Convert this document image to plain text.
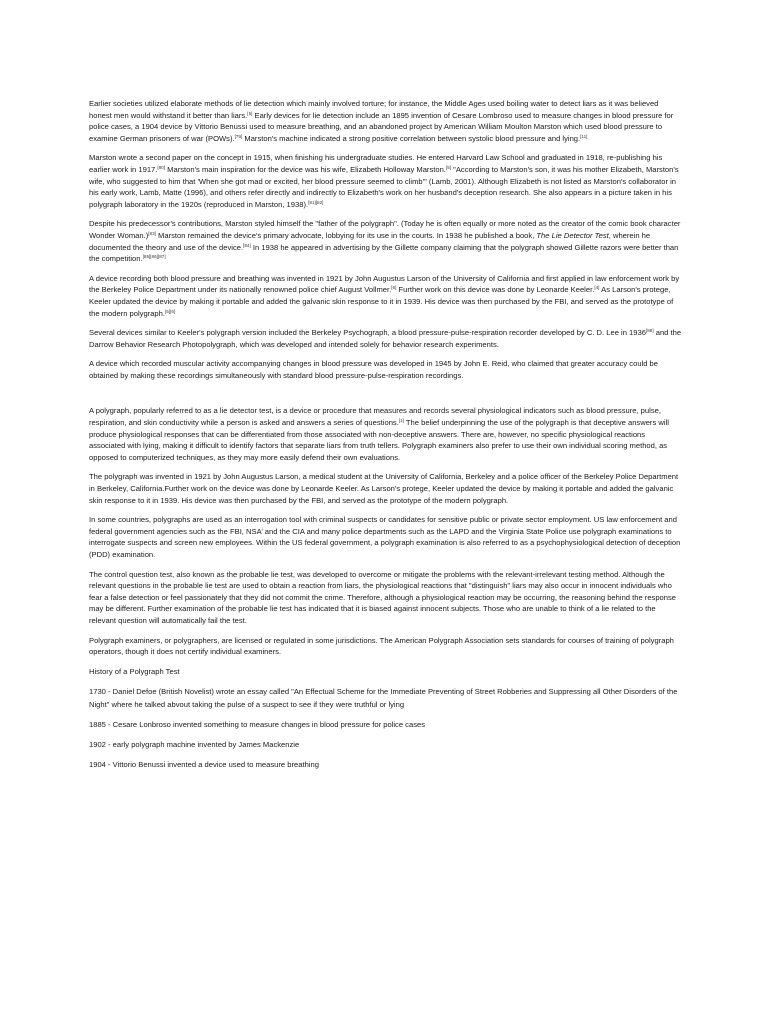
Earlier societies utilized elaborate methods of lie detection which mainly involved torture; for instance, the Middle Ages used boiling water to detect liars as it was believed honest men would withstand it better than liars.[5] Early devices for lie detection include an 1895 invention of Cesare Lombroso used to measure changes in blood pressure for police cases, a 1904 device by Vittorio Benussi used to measure breathing, and an abandoned project by American William Moulton Marston which used blood pressure to examine German prisoners of war (POWs).[79] Marston's machine indicated a strong positive correlation between systolic blood pressure and lying.[11]

Marston wrote a second paper on the concept in 1915, when finishing his undergraduate studies. He entered Harvard Law School and graduated in 1918, re-publishing his earlier work in 1917.[80] Marston's main inspiration for the device was his wife, Elizabeth Holloway Marston.[5] "According to Marston's son, it was his mother Elizabeth, Marston's wife, who suggested to him that 'When she got mad or excited, her blood pressure seemed to climb'" (Lamb, 2001). Although Elizabeth is not listed as Marston's collaborator in his early work, Lamb, Matte (1996), and others refer directly and indirectly to Elizabeth's work on her husband's deception research. She also appears in a picture taken in his polygraph laboratory in the 1920s (reproduced in Marston, 1938).[81][82]

Despite his predecessor's contributions, Marston styled himself the "father of the polygraph". (Today he is often equally or more noted as the creator of the comic book character Wonder Woman.)[83] Marston remained the device's primary advocate, lobbying for its use in the courts. In 1938 he published a book, The Lie Detector Test, wherein he documented the theory and use of the device.[84] In 1938 he appeared in advertising by the Gillette company claiming that the polygraph showed Gillette razors were better than the competition.[85][86][87]

A device recording both blood pressure and breathing was invented in 1921 by John Augustus Larson of the University of California and first applied in law enforcement work by the Berkeley Police Department under its nationally renowned police chief August Vollmer.[6] Further work on this device was done by Leonarde Keeler.[4] As Larson's protege, Keeler updated the device by making it portable and added the galvanic skin response to it in 1939. His device was then purchased by the FBI, and served as the prototype of the modern polygraph.[5][6]

Several devices similar to Keeler's polygraph version included the Berkeley Psychograph, a blood pressure-pulse-respiration recorder developed by C. D. Lee in 1936[88] and the Darrow Behavior Research Photopolygraph, which was developed and intended solely for behavior research experiments.

A device which recorded muscular activity accompanying changes in blood pressure was developed in 1945 by John E. Reid, who claimed that greater accuracy could be obtained by making these recordings simultaneously with standard blood pressure-pulse-respiration recordings.

A polygraph, popularly referred to as a lie detector test, is a device or procedure that measures and records several physiological indicators such as blood pressure, pulse, respiration, and skin conductivity while a person is asked and answers a series of questions.[1] The belief underpinning the use of the polygraph is that deceptive answers will produce physiological responses that can be differentiated from those associated with non-deceptive answers. There are, however, no specific physiological reactions associated with lying, making it difficult to identify factors that separate liars from truth tellers. Polygraph examiners also prefer to use their own individual scoring method, as opposed to computerized techniques, as they may more easily defend their own evaluations.

The polygraph was invented in 1921 by John Augustus Larson, a medical student at the University of California, Berkeley and a police officer of the Berkeley Police Department in Berkeley, California.Further work on the device was done by Leonarde Keeler. As Larson's protege, Keeler updated the device by making it portable and added the galvanic skin response to it in 1939. His device was then purchased by the FBI, and served as the prototype of the modern polygraph.

In some countries, polygraphs are used as an interrogation tool with criminal suspects or candidates for sensitive public or private sector employment. US law enforcement and federal government agencies such as the FBI, NSA$^i$ and the CIA and many police departments such as the LAPD and the Virginia State Police use polygraph examinations to interrogate suspects and screen new employees. Within the US federal government, a polygraph examination is also referred to as a psychophysiological detection of deception (PDD) examination.

The control question test, also known as the probable lie test, was developed to overcome or mitigate the problems with the relevant-irrelevant testing method. Although the relevant questions in the probable lie test are used to obtain a reaction from liars, the physiological reactions that "distinguish" liars may also occur in innocent individuals who fear a false detection or feel passionately that they did not commit the crime. Therefore, although a physiological reaction may be occurring, the reasoning behind the response may be different. Further examination of the probable lie test has indicated that it is biased against innocent subjects. Those who are unable to think of a lie related to the relevant question will automatically fail the test.

Polygraph examiners, or polygraphers, are licensed or regulated in some jurisdictions. The American Polygraph Association sets standards for courses of training of polygraph operators, though it does not certify individual examiners.

History of a Polygraph Test

1730 - Daniel Defoe (British Novelist) wrote an essay called "An Effectual Scheme for the Immediate Preventing of Street Robberies and Suppressing all Other Disorders of the Night" where he talked abvout taking the pulse of a suspect to see if they were truthful or lying

1885 - Cesare Lonbroso invented something to measure changes in blood pressure for police cases

1902 - early polygraph machine invented by James Mackenzie

1904 - Vittorio Benussi invented a device used to measure breathing
